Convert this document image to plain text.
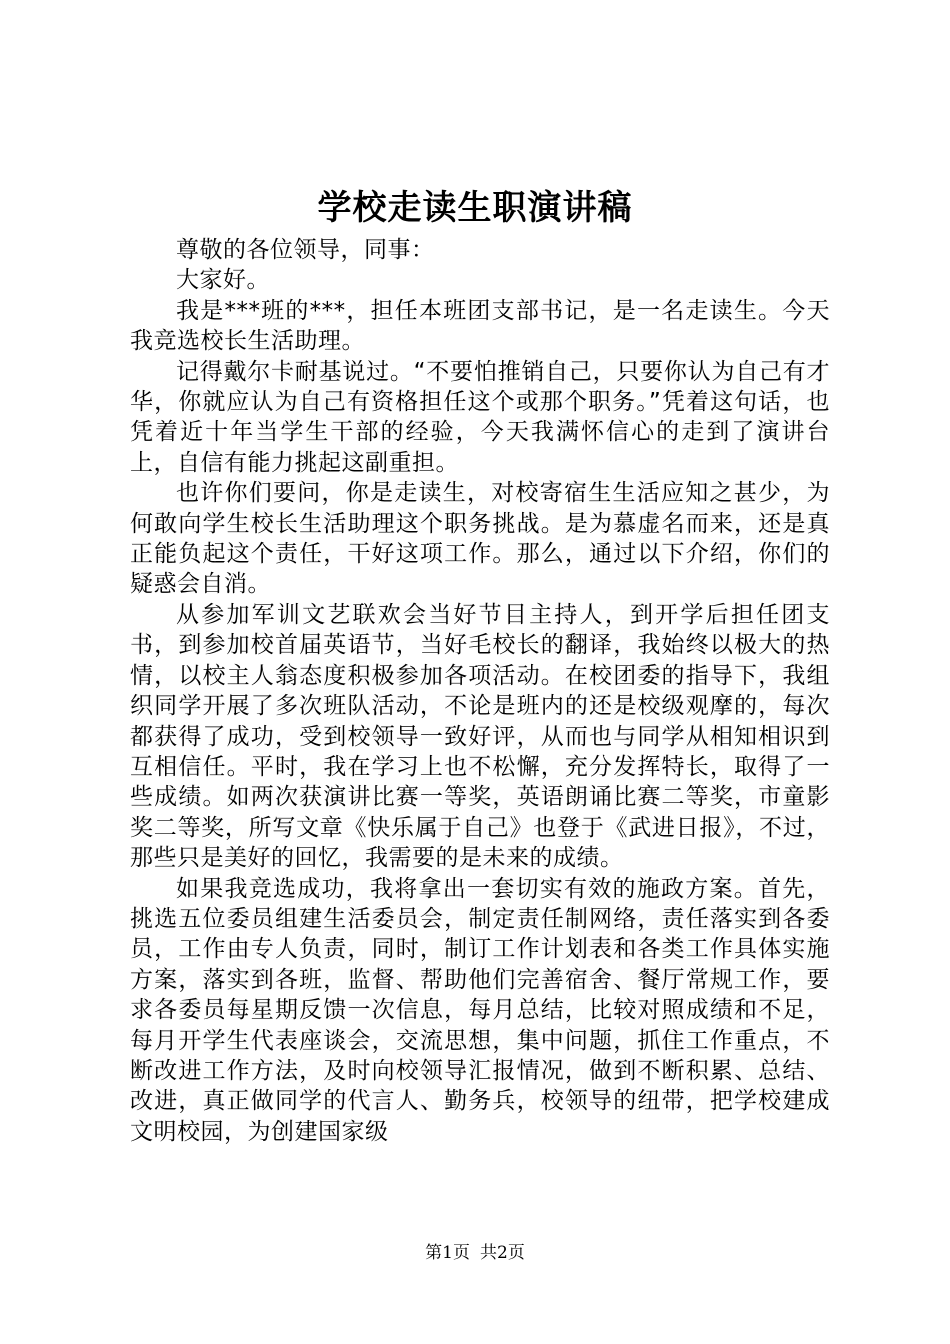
学校走读生职演讲稿

尊敬的各位领导，同事：

大家好。

我是***班的***，担任本班团支部书记，是一名走读生。今天我竞选校长生活助理。

记得戴尔卡耐基说过。“不要怕推销自己，只要你认为自己有才华，你就应认为自己有资格担任这个或那个职务。”凭着这句话，也凭着近十年当学生干部的经验，今天我满怀信心的走到了演讲台上，自信有能力挑起这副重担。

也许你们要问，你是走读生，对校寄宿生生活应知之甚少，为何敢向学生校长生活助理这个职务挑战。是为慕虚名而来，还是真正能负起这个责任，干好这项工作。那么，通过以下介绍，你们的疑惑会自消。

从参加军训文艺联欢会当好节目主持人，到开学后担任团支书，到参加校首届英语节，当好毛校长的翻译，我始终以极大的热情，以校主人翁态度积极参加各项活动。在校团委的指导下，我组织同学开展了多次班队活动，不论是班内的还是校级观摩的，每次都获得了成功，受到校领导一致好评，从而也与同学从相知相识到互相信任。平时，我在学习上也不松懈，充分发挥特长，取得了一些成绩。如两次获演讲比赛一等奖，英语朗诵比赛二等奖，市童影奖二等奖，所写文章《快乐属于自己》也登于《武进日报》，不过，那些只是美好的回忆，我需要的是未来的成绩。

如果我竞选成功，我将拿出一套切实有效的施政方案。首先，挑选五位委员组建生活委员会，制定责任制网络，责任落实到各委员，工作由专人负责，同时，制订工作计划表和各类工作具体实施方案，落实到各班，监督、帮助他们完善宿舍、餐厅常规工作，要求各委员每星期反馈一次信息，每月总结，比较对照成绩和不足，每月开学生代表座谈会，交流思想，集中问题，抓住工作重点，不断改进工作方法，及时向校领导汇报情况，做到不断积累、总结、改进，真正做同学的代言人、勤务兵，校领导的纽带，把学校建成文明校园，为创建国家级

第1页 共2页
